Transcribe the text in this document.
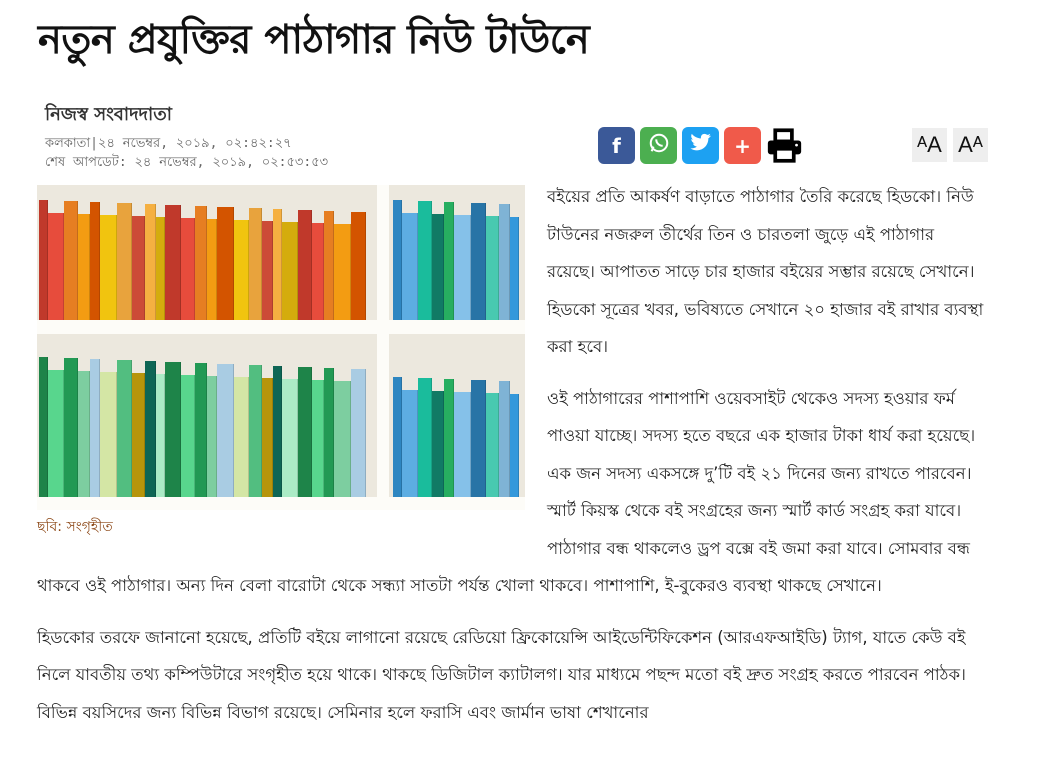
নতুন প্রযুক্তির পাঠাগার নিউ টাউনে
নিজস্ব সংবাদদাতা
কলকাতা|২৪ নভেম্বর, ২০১৯, ০২:৪২:২৭
শেষ আপডেট: ২৪ নভেম্বর, ২০১৯, ০২:৫৩:৫৩
f	+	ᴬA Aᴬ
ছবি: সংগৃহীত

বইয়ের প্রতি আকর্ষণ বাড়াতে পাঠাগার তৈরি করেছে হিডকো। নিউ টাউনের নজরুল তীর্থের তিন ও চারতলা জুড়ে এই পাঠাগার রয়েছে। আপাতত সাড়ে চার হাজার বইয়ের সম্ভার রয়েছে সেখানে। হিডকো সূত্রের খবর, ভবিষ্যতে সেখানে ২০ হাজার বই রাখার ব্যবস্থা করা হবে।

ওই পাঠাগারের পাশাপাশি ওয়েবসাইট থেকেও সদস্য হওয়ার ফর্ম পাওয়া যাচ্ছে। সদস্য হতে বছরে এক হাজার টাকা ধার্য করা হয়েছে। এক জন সদস্য একসঙ্গে দু’টি বই ২১ দিনের জন্য রাখতে পারবেন। স্মার্ট কিয়স্ক থেকে বই সংগ্রহের জন্য স্মার্ট কার্ড সংগ্রহ করা যাবে। পাঠাগার বন্ধ থাকলেও ড্রপ বক্সে বই জমা করা যাবে। সোমবার বন্ধ থাকবে ওই পাঠাগার। অন্য দিন বেলা বারোটা থেকে সন্ধ্যা সাতটা পর্যন্ত খোলা থাকবে। পাশাপাশি, ই-বুকেরও ব্যবস্থা থাকছে সেখানে।

হিডকোর তরফে জানানো হয়েছে, প্রতিটি বইয়ে লাগানো রয়েছে রেডিয়ো ফ্রিকোয়েন্সি আইডেন্টিফিকেশন (আরএফআইডি) ট্যাগ, যাতে কেউ বই নিলে যাবতীয় তথ্য কম্পিউটারে সংগৃহীত হয়ে থাকে। থাকছে ডিজিটাল ক্যাটালগ। যার মাধ্যমে পছন্দ মতো বই দ্রুত সংগ্রহ করতে পারবেন পাঠক। বিভিন্ন বয়সিদের জন্য বিভিন্ন বিভাগ রয়েছে। সেমিনার হলে ফরাসি এবং জার্মান ভাষা শেখানোর
